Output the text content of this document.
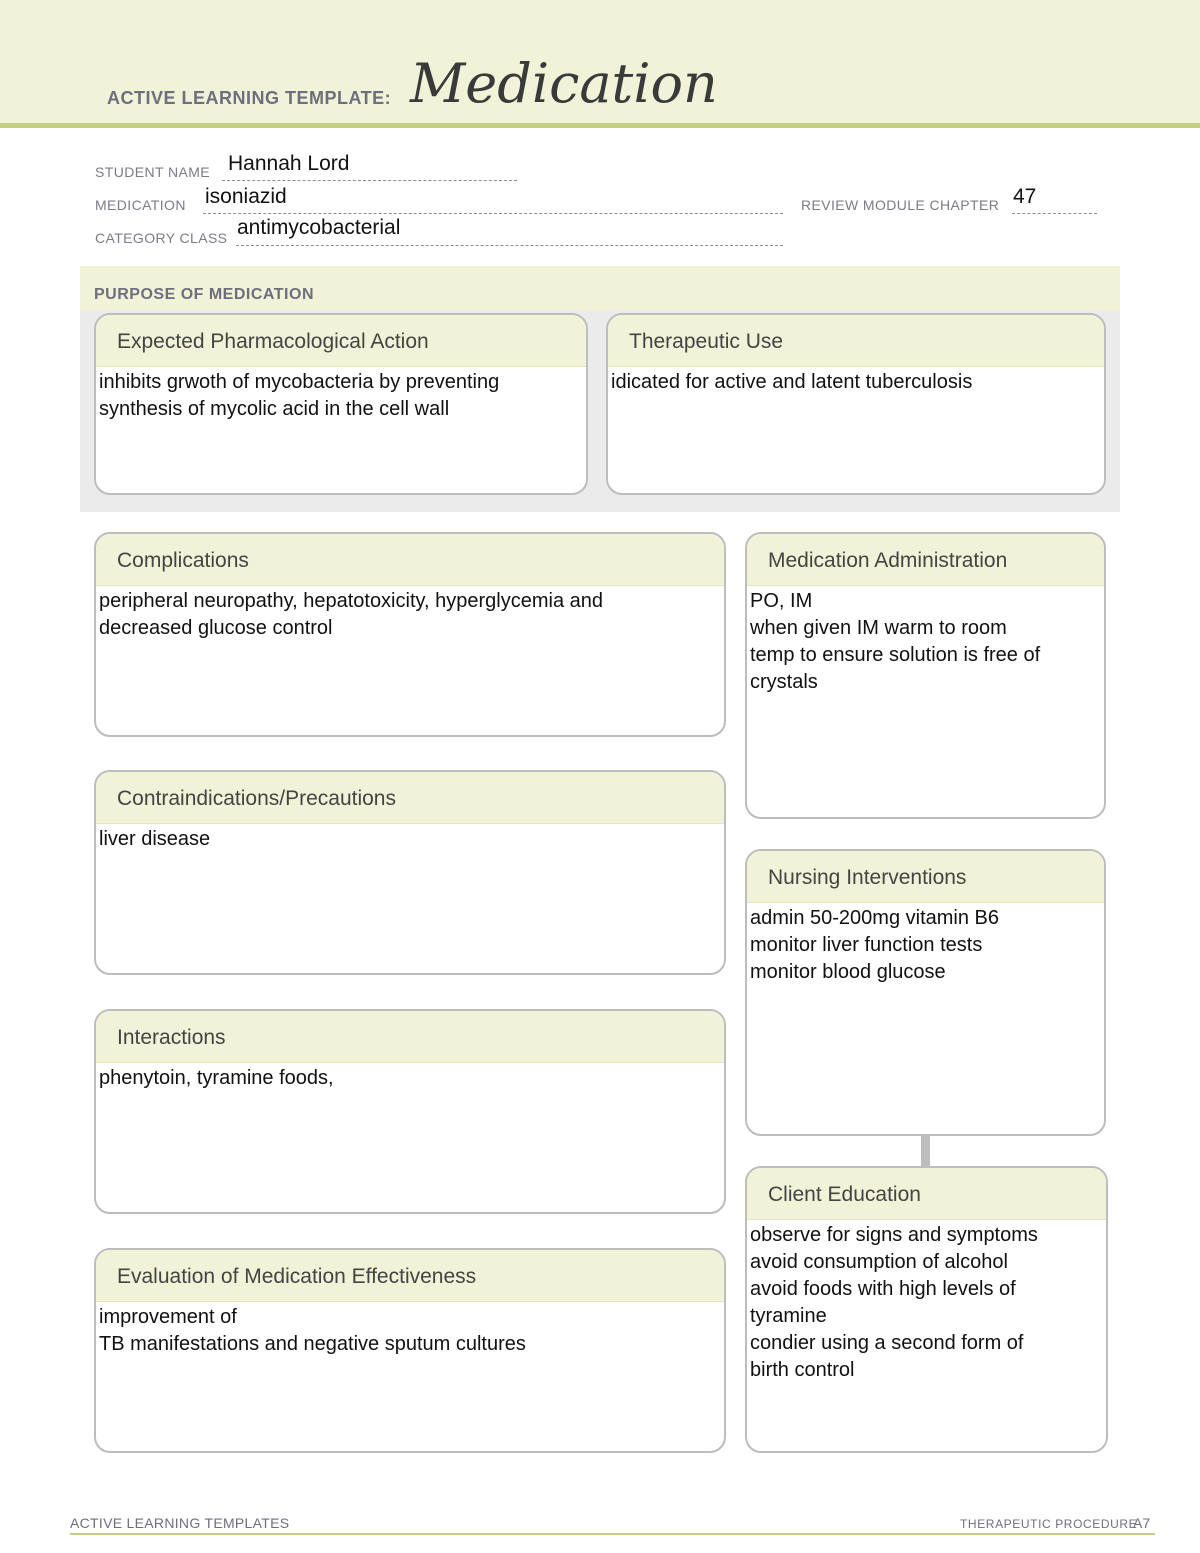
ACTIVE LEARNING TEMPLATE: Medication
STUDENT NAME Hannah Lord
MEDICATION isoniazid	REVIEW MODULE CHAPTER 47
CATEGORY CLASS antimycobacterial
PURPOSE OF MEDICATION
Expected Pharmacological Action
inhibits grwoth of mycobacteria by preventing
synthesis of mycolic acid in the cell wall
Therapeutic Use
idicated for active and latent tuberculosis
Complications
peripheral neuropathy, hepatotoxicity, hyperglycemia and
decreased glucose control
Contraindications/Precautions
liver disease
Interactions
phenytoin, tyramine foods,
Evaluation of Medication Effectiveness
improvement of
TB manifestations and negative sputum cultures
Medication Administration
PO, IM
when given IM warm to room
temp to ensure solution is free of
crystals
Nursing Interventions
admin 50-200mg vitamin B6
monitor liver function tests
monitor blood glucose
Client Education
observe for signs and symptoms
avoid consumption of alcohol
avoid foods with high levels of
tyramine
condier using a second form of
birth control
ACTIVE LEARNING TEMPLATES	THERAPEUTIC PROCEDURE
A7
